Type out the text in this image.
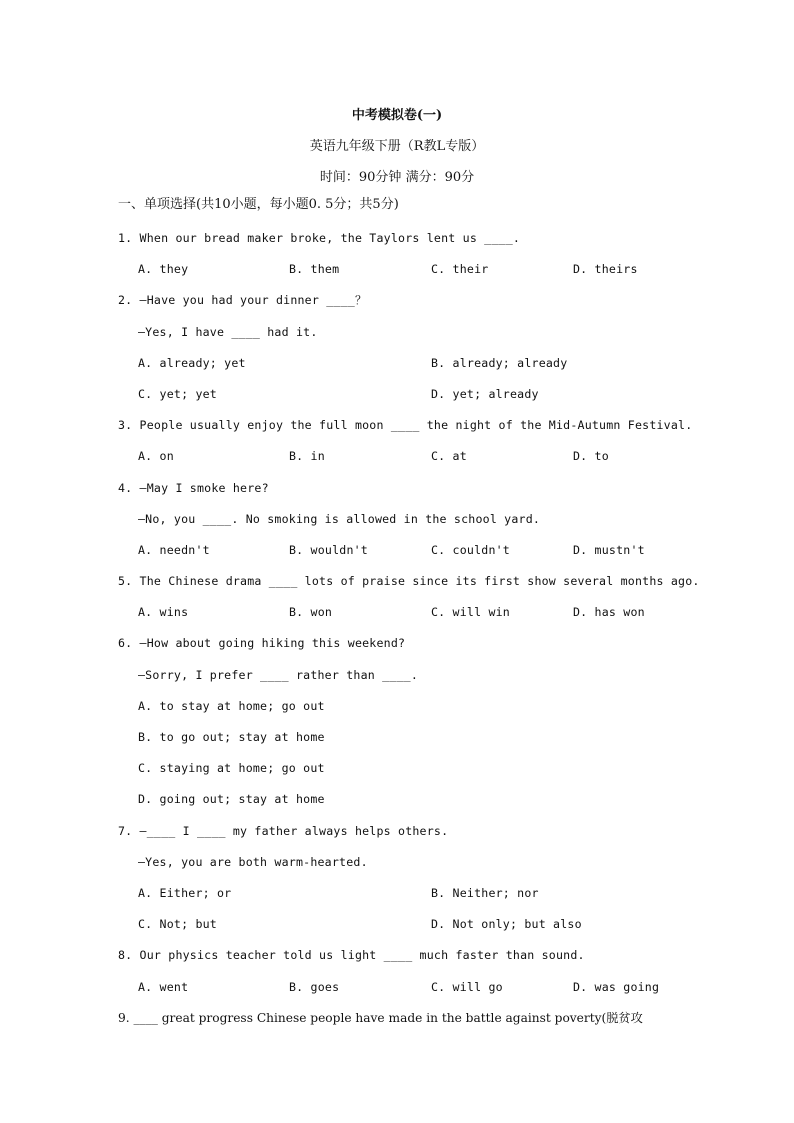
中考模拟卷(一)
英语九年级下册（R教L专版）
时间：90分钟 满分：90分
一、单项选择(共10小题，每小题0. 5分；共5分)
1. When our bread maker broke, the Taylors lent us ____.
A. they	B. them	C. their	D. theirs
2. —Have you had your dinner ____？
—Yes, I have ____ had it.
A. already; yet	B. already; already
C. yet; yet	D. yet; already
3. People usually enjoy the full moon ____ the night of the Mid-Autumn Festival.
A. on	B. in	C. at	D. to
4. —May I smoke here?
—No, you ____. No smoking is allowed in the school yard.
A. needn't	B. wouldn't	C. couldn't	D. mustn't
5. The Chinese drama ____ lots of praise since its first show several months ago.
A. wins	B. won	C. will win	D. has won
6. —How about going hiking this weekend?
—Sorry, I prefer ____ rather than ____.
A. to stay at home; go out
B. to go out; stay at home
C. staying at home; go out
D. going out; stay at home
7. —____ I ____ my father always helps others.
—Yes, you are both warm-hearted.
A. Either; or	B. Neither; nor
C. Not; but	D. Not only; but also
8. Our physics teacher told us light ____ much faster than sound.
A. went	B. goes	C. will go	D. was going
9. ____ great progress Chinese people have made in the battle against poverty(脱贫攻
